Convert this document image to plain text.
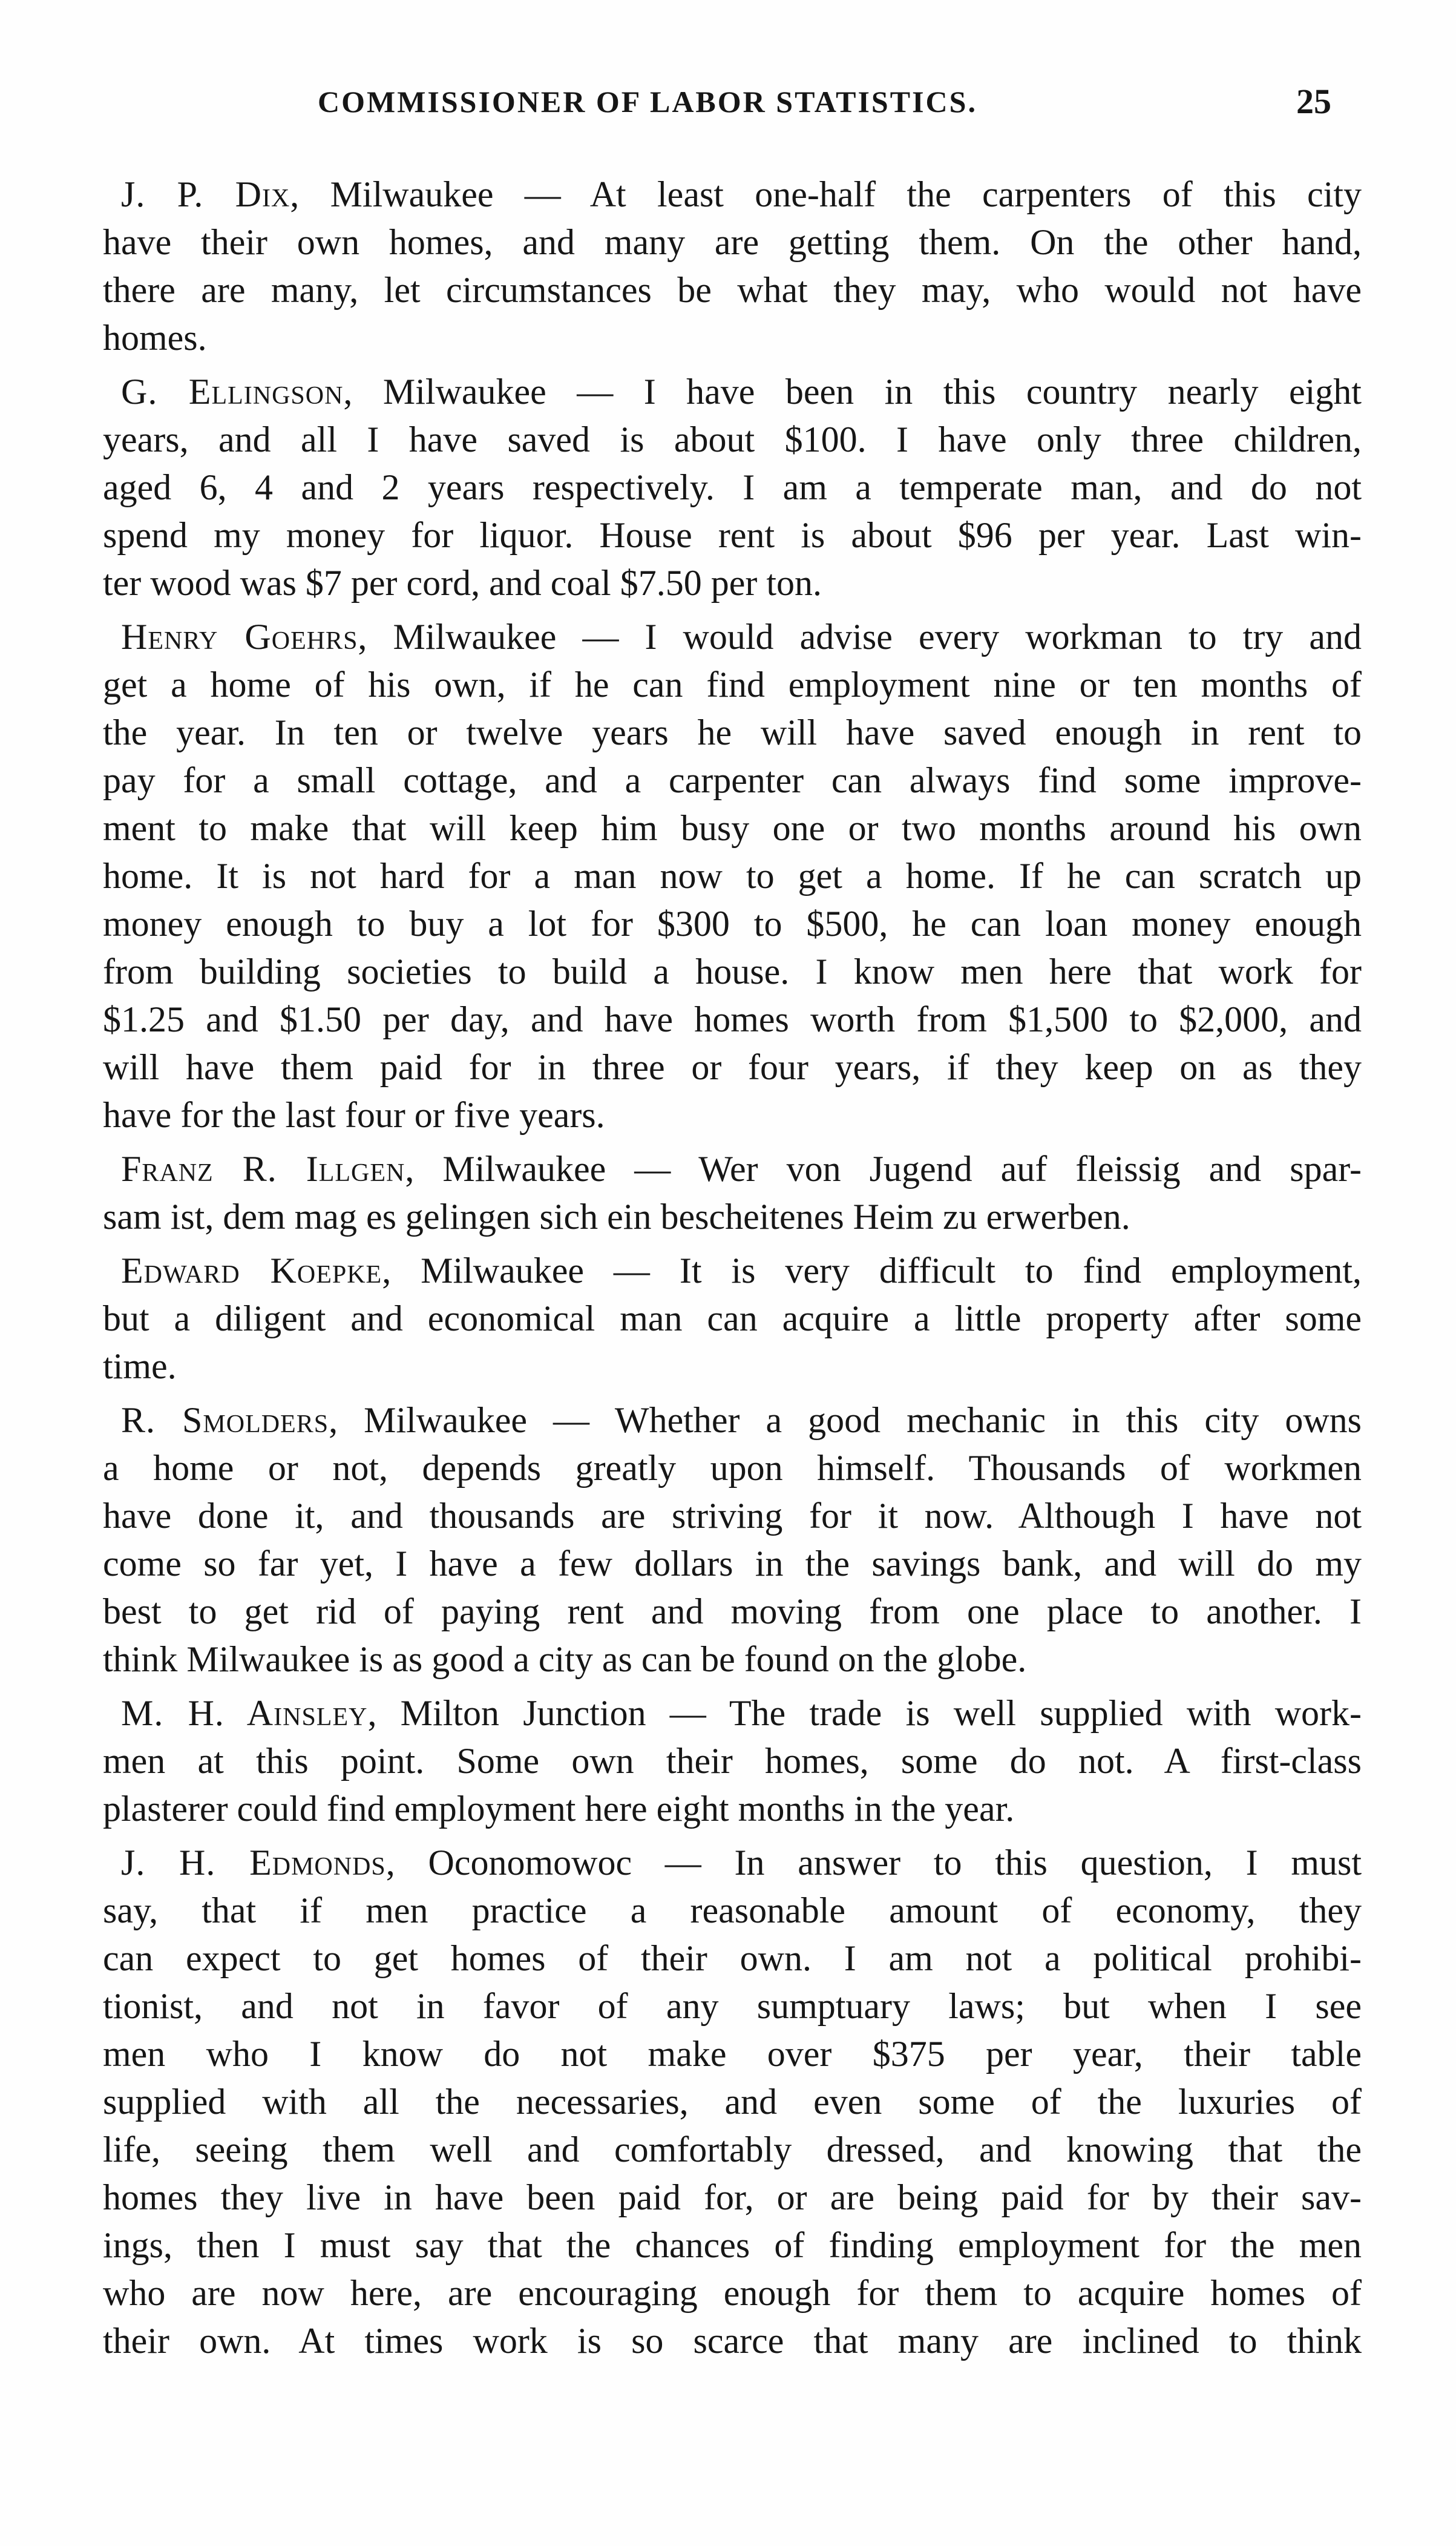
COMMISSIONER OF LABOR STATISTICS.	25
J. P. Dix, Milwaukee — At least one-half the carpenters of this city
have their own homes, and many are getting them. On the other hand,
there are many, let circumstances be what they may, who would not have
homes.
G. Ellingson, Milwaukee — I have been in this country nearly eight
years, and all I have saved is about $100. I have only three children,
aged 6, 4 and 2 years respectively. I am a temperate man, and do not
spend my money for liquor. House rent is about $96 per year. Last win-
ter wood was $7 per cord, and coal $7.50 per ton.
Henry Goehrs, Milwaukee — I would advise every workman to try and
get a home of his own, if he can find employment nine or ten months of
the year. In ten or twelve years he will have saved enough in rent to
pay for a small cottage, and a carpenter can always find some improve-
ment to make that will keep him busy one or two months around his own
home. It is not hard for a man now to get a home. If he can scratch up
money enough to buy a lot for $300 to $500, he can loan money enough
from building societies to build a house. I know men here that work for
$1.25 and $1.50 per day, and have homes worth from $1,500 to $2,000, and
will have them paid for in three or four years, if they keep on as they
have for the last four or five years.
Franz R. Illgen, Milwaukee — Wer von Jugend auf fleissig and spar-
sam ist, dem mag es gelingen sich ein bescheitenes Heim zu erwerben.
Edward Koepke, Milwaukee — It is very difficult to find employment,
but a diligent and economical man can acquire a little property after some
time.
R. Smolders, Milwaukee — Whether a good mechanic in this city owns
a home or not, depends greatly upon himself. Thousands of workmen
have done it, and thousands are striving for it now. Although I have not
come so far yet, I have a few dollars in the savings bank, and will do my
best to get rid of paying rent and moving from one place to another. I
think Milwaukee is as good a city as can be found on the globe.
M. H. Ainsley, Milton Junction — The trade is well supplied with work-
men at this point. Some own their homes, some do not. A first-class
plasterer could find employment here eight months in the year.
J. H. Edmonds, Oconomowoc — In answer to this question, I must
say, that if men practice a reasonable amount of economy, they
can expect to get homes of their own. I am not a political prohibi-
tionist, and not in favor of any sumptuary laws; but when I see
men who I know do not make over $375 per year, their table
supplied with all the necessaries, and even some of the luxuries of
life, seeing them well and comfortably dressed, and knowing that the
homes they live in have been paid for, or are being paid for by their sav-
ings, then I must say that the chances of finding employment for the men
who are now here, are encouraging enough for them to acquire homes of
their own. At times work is so scarce that many are inclined to think
